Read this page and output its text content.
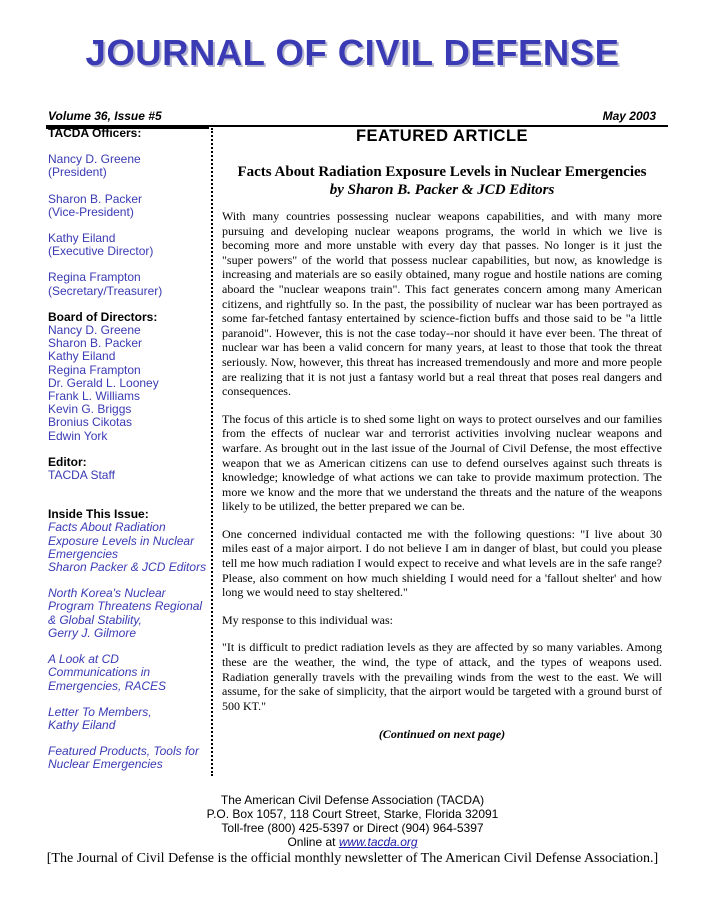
JOURNAL OF CIVIL DEFENSE
Volume 36, Issue #5	May 2003
TACDA Officers:
Nancy D. Greene
(President)
Sharon B. Packer
(Vice-President)
Kathy Eiland
(Executive Director)
Regina Frampton
(Secretary/Treasurer)
Board of Directors:
Nancy D. Greene
Sharon B. Packer
Kathy Eiland
Regina Frampton
Dr. Gerald L. Looney
Frank L. Williams
Kevin G. Briggs
Bronius Cikotas
Edwin York
Editor:
TACDA Staff
Inside This Issue:
Facts About Radiation
Exposure Levels in Nuclear
Emergencies
Sharon Packer & JCD Editors
North Korea's Nuclear
Program Threatens Regional
& Global Stability,
Gerry J. Gilmore
A Look at CD
Communications in
Emergencies, RACES
Letter To Members,
Kathy Eiland
Featured Products, Tools for
Nuclear Emergencies
FEATURED ARTICLE
Facts About Radiation Exposure Levels in Nuclear Emergencies
by Sharon B. Packer & JCD Editors

With many countries possessing nuclear weapons capabilities, and with many more pursuing and developing nuclear weapons programs, the world in which we live is becoming more and more unstable with every day that passes. No longer is it just the "super powers" of the world that possess nuclear capabilities, but now, as knowledge is increasing and materials are so easily obtained, many rogue and hostile nations are coming aboard the "nuclear weapons train". This fact generates concern among many American citizens, and rightfully so. In the past, the possibility of nuclear war has been portrayed as some far-fetched fantasy entertained by science-fiction buffs and those said to be "a little paranoid". However, this is not the case today--nor should it have ever been. The threat of nuclear war has been a valid concern for many years, at least to those that took the threat seriously. Now, however, this threat has increased tremendously and more and more people are realizing that it is not just a fantasy world but a real threat that poses real dangers and consequences.

The focus of this article is to shed some light on ways to protect ourselves and our families from the effects of nuclear war and terrorist activities involving nuclear weapons and warfare. As brought out in the last issue of the Journal of Civil Defense, the most effective weapon that we as American citizens can use to defend ourselves against such threats is knowledge; knowledge of what actions we can take to provide maximum protection. The more we know and the more that we understand the threats and the nature of the weapons likely to be utilized, the better prepared we can be.

One concerned individual contacted me with the following questions: "I live about 30 miles east of a major airport. I do not believe I am in danger of blast, but could you please tell me how much radiation I would expect to receive and what levels are in the safe range? Please, also comment on how much shielding I would need for a 'fallout shelter' and how long we would need to stay sheltered."

My response to this individual was:

"It is difficult to predict radiation levels as they are affected by so many variables. Among these are the weather, the wind, the type of attack, and the types of weapons used. Radiation generally travels with the prevailing winds from the west to the east. We will assume, for the sake of simplicity, that the airport would be targeted with a ground burst of 500 KT."

(Continued on next page)
The American Civil Defense Association (TACDA)
P.O. Box 1057, 118 Court Street, Starke, Florida 32091
Toll-free (800) 425-5397 or Direct (904) 964-5397
Online at www.tacda.org
[The Journal of Civil Defense is the official monthly newsletter of The American Civil Defense Association.]
